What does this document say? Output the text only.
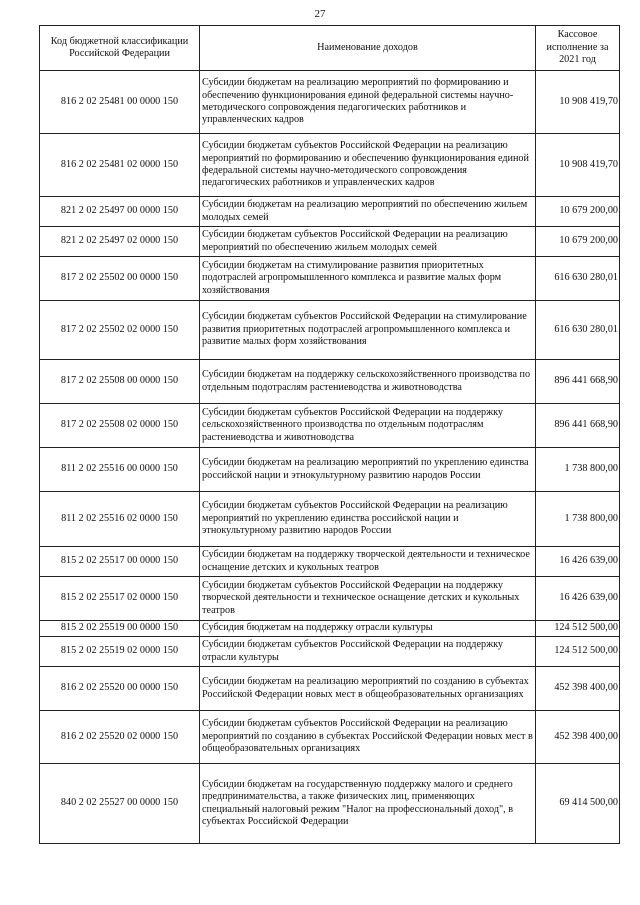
27
Код бюджетной классификации Российской Федерации	Наименование доходов	Кассовое исполнение за 2021 год
816 2 02 25481 00 0000 150	Субсидии бюджетам на реализацию мероприятий по формированию и обеспечению функционирования единой федеральной системы научно-методического сопровождения педагогических работников и управленческих кадров	10 908 419,70
816 2 02 25481 02 0000 150	Субсидии бюджетам субъектов Российской Федерации на реализацию мероприятий по формированию и обеспечению функционирования единой федеральной системы научно-методического сопровождения педагогических работников и управленческих кадров	10 908 419,70
821 2 02 25497 00 0000 150	Субсидии бюджетам на реализацию мероприятий по обеспечению жильем молодых семей	10 679 200,00
821 2 02 25497 02 0000 150	Субсидии бюджетам субъектов Российской Федерации на реализацию мероприятий по обеспечению жильем молодых семей	10 679 200,00
817 2 02 25502 00 0000 150	Субсидии бюджетам на стимулирование развития приоритетных подотраслей агропромышленного комплекса и развитие малых форм хозяйствования	616 630 280,01
817 2 02 25502 02 0000 150	Субсидии бюджетам субъектов Российской Федерации на стимулирование развития приоритетных подотраслей агропромышленного комплекса и развитие малых форм хозяйствования	616 630 280,01
817 2 02 25508 00 0000 150	Субсидии бюджетам на поддержку сельскохозяйственного производства по отдельным подотраслям растениеводства и животноводства	896 441 668,90
817 2 02 25508 02 0000 150	Субсидии бюджетам субъектов Российской Федерации на поддержку сельскохозяйственного производства по отдельным подотраслям растениеводства и животноводства	896 441 668,90
811 2 02 25516 00 0000 150	Субсидии бюджетам на реализацию мероприятий по укреплению единства российской нации и этнокультурному развитию народов России	1 738 800,00
811 2 02 25516 02 0000 150	Субсидии бюджетам субъектов Российской Федерации на реализацию мероприятий по укреплению единства российской нации и этнокультурному развитию народов России	1 738 800,00
815 2 02 25517 00 0000 150	Субсидии бюджетам на поддержку творческой деятельности и техническое оснащение детских и кукольных театров	16 426 639,00
815 2 02 25517 02 0000 150	Субсидии бюджетам субъектов Российской Федерации на поддержку творческой деятельности и техническое оснащение детских и кукольных театров	16 426 639,00
815 2 02 25519 00 0000 150	Субсидия бюджетам на поддержку отрасли культуры	124 512 500,00
815 2 02 25519 02 0000 150	Субсидии бюджетам субъектов Российской Федерации на поддержку отрасли культуры	124 512 500,00
816 2 02 25520 00 0000 150	Субсидии бюджетам на реализацию мероприятий по созданию в субъектах Российской Федерации новых мест в общеобразовательных организациях	452 398 400,00
816 2 02 25520 02 0000 150	Субсидии бюджетам субъектов Российской Федерации на реализацию мероприятий по созданию в субъектах Российской Федерации новых мест в общеобразовательных организациях	452 398 400,00
840 2 02 25527 00 0000 150	Субсидии бюджетам на государственную поддержку малого и среднего предпринимательства, а также физических лиц, применяющих специальный налоговый режим "Налог на профессиональный доход", в субъектах Российской Федерации	69 414 500,00
